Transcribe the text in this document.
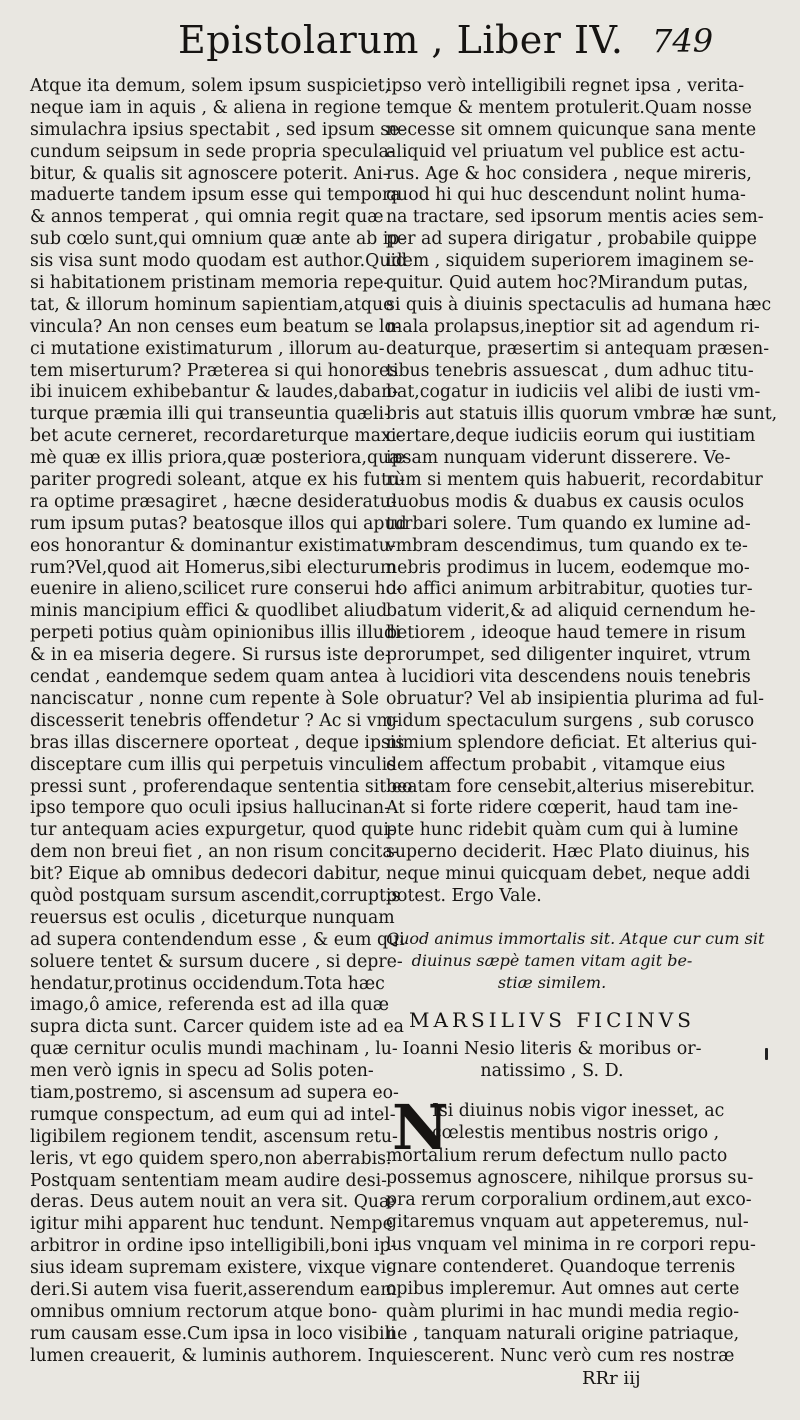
Epistolarum , Liber IV. 749
Atque ita demum, solem ipsum suspiciet,
neque iam in aquis , & aliena in regione
simulachra ipsius spectabit , sed ipsum se-
cundum seipsum in sede propria specula-
bitur, & qualis sit agnoscere poterit. Ani-
maduerte tandem ipsum esse qui tempora
& annos temperat , qui omnia regit quæ
sub cœlo sunt,qui omnium quæ ante ab ip-
sis visa sunt modo quodam est author.Quid
si habitationem pristinam memoria repe-
tat, & illorum hominum sapientiam,atque
vincula? An non censes eum beatum se lo-
ci mutatione existimaturum , illorum au-
tem miserturum? Præterea si qui honores
ibi inuicem exhibebantur & laudes,daban-
turque præmia illi qui transeuntia quæli-
bet acute cerneret, recordareturque maxi-
mè quæ ex illis priora,quæ posteriora,quæ
pariter progredi soleant, atque ex his futu-
ra optime præsagiret , hæcne desideratu-
rum ipsum putas? beatosque illos qui apud
eos honorantur & dominantur existimatu-
rum?Vel,quod ait Homerus,sibi electurum
euenire in alieno,scilicet rure conserui ho-
minis mancipium effici & quodlibet aliud
perpeti potius quàm opinionibus illis illudi
& in ea miseria degere. Si rursus iste de-
cendat , eandemque sedem quam antea
nanciscatur , nonne cum repente à Sole
discesserit tenebris offendetur ? Ac si vm-
bras illas discernere oporteat , deque ipsis
disceptare cum illis qui perpetuis vinculis
pressi sunt , proferendaque sententia sit eo
ipso tempore quo oculi ipsius hallucinan-
tur antequam acies expurgetur, quod qui-
dem non breui fiet , an non risum concita-
bit? Eique ab omnibus dedecori dabitur,
quòd postquam sursum ascendit,corruptis
reuersus est oculis , diceturque nunquam
ad supera contendendum esse , & eum qui
soluere tentet & sursum ducere , si depre-
hendatur,protinus occidendum.Tota hæc
imago,ô amice, referenda est ad illa quæ
supra dicta sunt. Carcer quidem iste ad ea
quæ cernitur oculis mundi machinam , lu-
men verò ignis in specu ad Solis poten-
tiam,postremo, si ascensum ad supera eo-
rumque conspectum, ad eum qui ad intel-
ligibilem regionem tendit, ascensum retu-
leris, vt ego quidem spero,non aberrabis.
Postquam sententiam meam audire desi-
deras. Deus autem nouit an vera sit. Quæ
igitur mihi apparent huc tendunt. Nempe
arbitror in ordine ipso intelligibili,boni ip-
sius ideam supremam existere, vixque vi-
deri.Si autem visa fuerit,asserendum eam
omnibus omnium rectorum atque bono-
rum causam esse.Cum ipsa in loco visibili
lumen creauerit, & luminis authorem. In
ipso verò intelligibili regnet ipsa , verita-
temque & mentem protulerit.Quam nosse
necesse sit omnem quicunque sana mente
aliquid vel priuatum vel publice est actu-
rus. Age & hoc considera , neque mireris,
quod hi qui huc descendunt nolint huma-
na tractare, sed ipsorum mentis acies sem-
per ad supera dirigatur , probabile quippe
idem , siquidem superiorem imaginem se-
quitur. Quid autem hoc?Mirandum putas,
si quis à diuinis spectaculis ad humana hæc
mala prolapsus,ineptior sit ad agendum ri-
deaturque, præsertim si antequam præsen-
tibus tenebris assuescat , dum adhuc titu-
bat,cogatur in iudiciis vel alibi de iusti vm-
bris aut statuis illis quorum vmbræ hæ sunt,
certare,deque iudiciis eorum qui iustitiam
ipsam nunquam viderunt disserere. Ve-
rùm si mentem quis habuerit, recordabitur
duobus modis & duabus ex causis oculos
turbari solere. Tum quando ex lumine ad-
vmbram descendimus, tum quando ex te-
nebris prodimus in lucem, eodemque mo-
do affici animum arbitrabitur, quoties tur-
batum viderit,& ad aliquid cernendum he-
betiorem , ideoque haud temere in risum
prorumpet, sed diligenter inquiret, vtrum
à lucidiori vita descendens nouis tenebris
obruatur? Vel ab insipientia plurima ad ful-
gidum spectaculum surgens , sub corusco
nimium splendore deficiat. Et alterius qui-
dem affectum probabit , vitamque eius
beatam fore censebit,alterius miserebitur.
At si forte ridere cœperit, haud tam ine-
pte hunc ridebit quàm cum qui à lumine
superno deciderit. Hæc Plato diuinus, his
neque minui quicquam debet, neque addi
potest. Ergo Vale.
Quod animus immortalis sit. Atque cur cum sit
diuinus sæpè tamen vitam agit be-
stiæ similem.
MARSILIVS FICINVS
Ioanni Nesio literis & moribus or-
natissimo , S. D.
N
Isi diuinus nobis vigor inesset, ac
cœlestis mentibus nostris origo ,
mortalium rerum defectum nullo pacto
possemus agnoscere, nihilque prorsus su-
pra rerum corporalium ordinem,aut exco-
gitaremus vnquam aut appeteremus, nul-
lus vnquam vel minima in re corpori repu-
gnare contenderet. Quandoque terrenis
opibus impleremur. Aut omnes aut certe
quàm plurimi in hac mundi media regio-
ne , tanquam naturali origine patriaque,
quiescerent. Nunc verò cum res nostræ
RRr iij
